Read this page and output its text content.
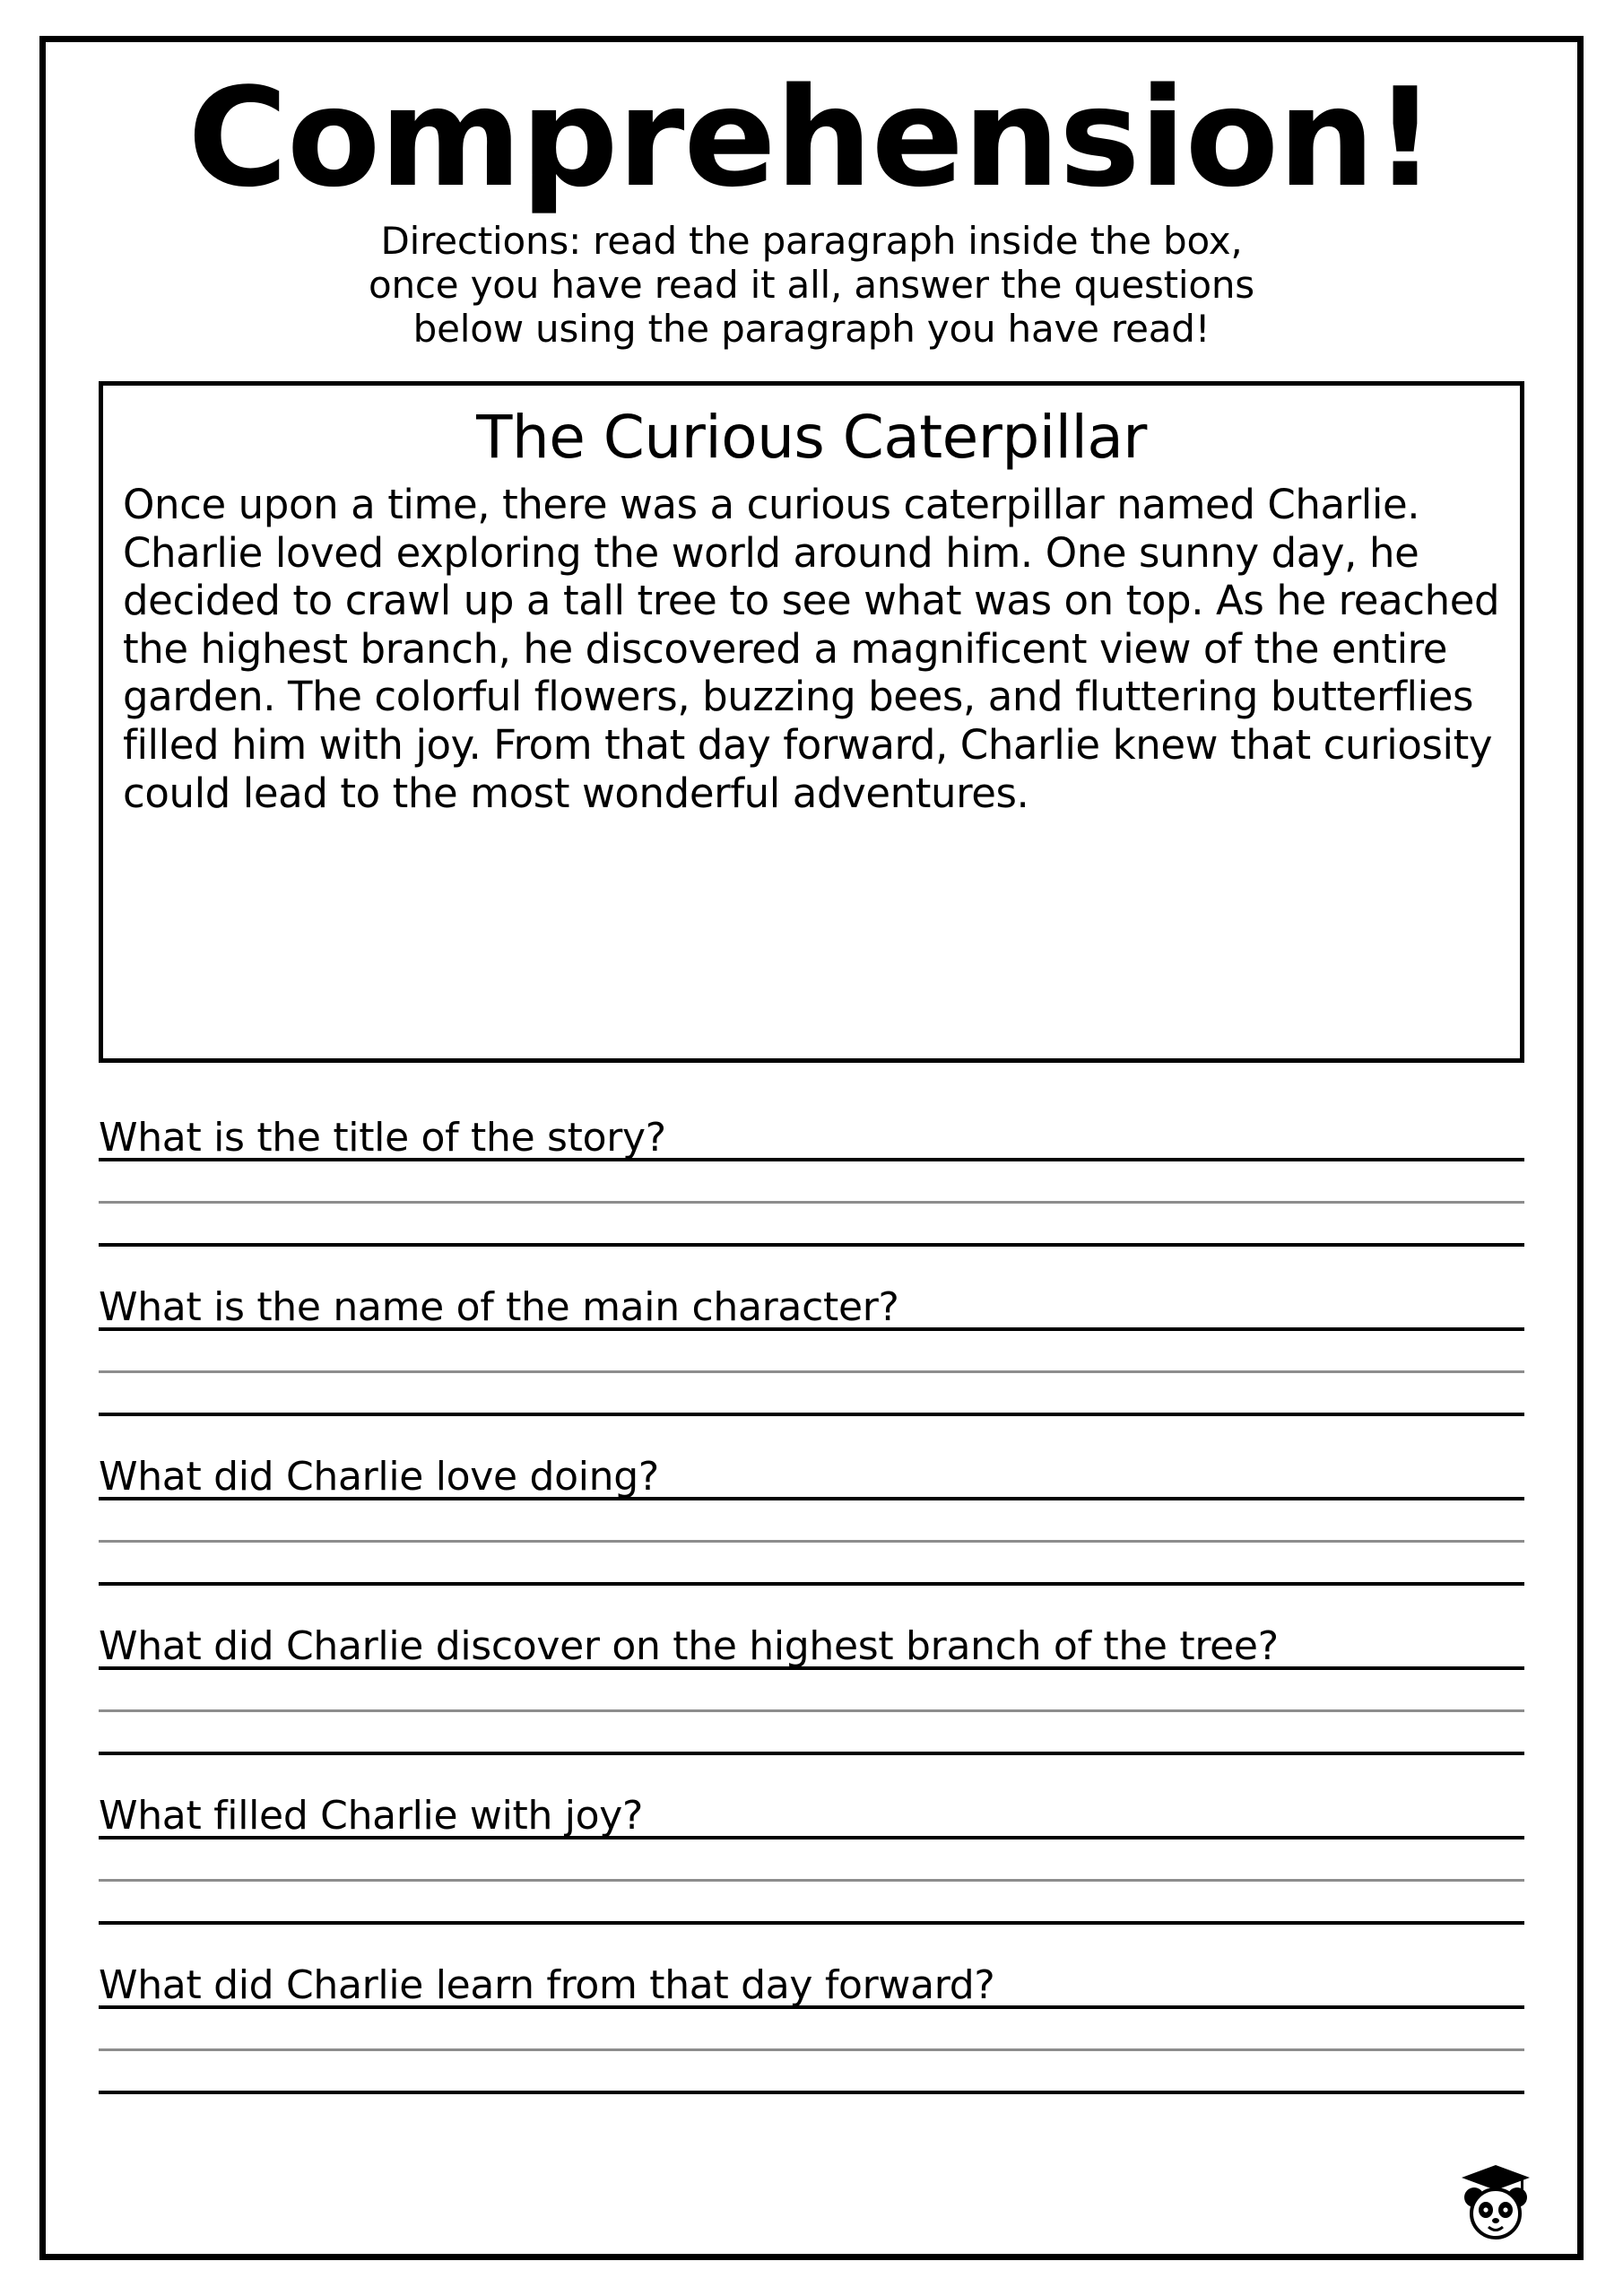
Comprehension!
Directions: read the paragraph inside the box,
once you have read it all, answer the questions
below using the paragraph you have read!
The Curious Caterpillar
Once upon a time, there was a curious caterpillar named Charlie. Charlie loved exploring the world around him. One sunny day, he decided to crawl up a tall tree to see what was on top. As he reached the highest branch, he discovered a magnificent view of the entire garden. The colorful flowers, buzzing bees, and fluttering butterflies filled him with joy. From that day forward, Charlie knew that curiosity could lead to the most wonderful adventures.
What is the title of the story?
What is the name of the main character?
What did Charlie love doing?
What did Charlie discover on the highest branch of the tree?
What filled Charlie with joy?
What did Charlie learn from that day forward?
